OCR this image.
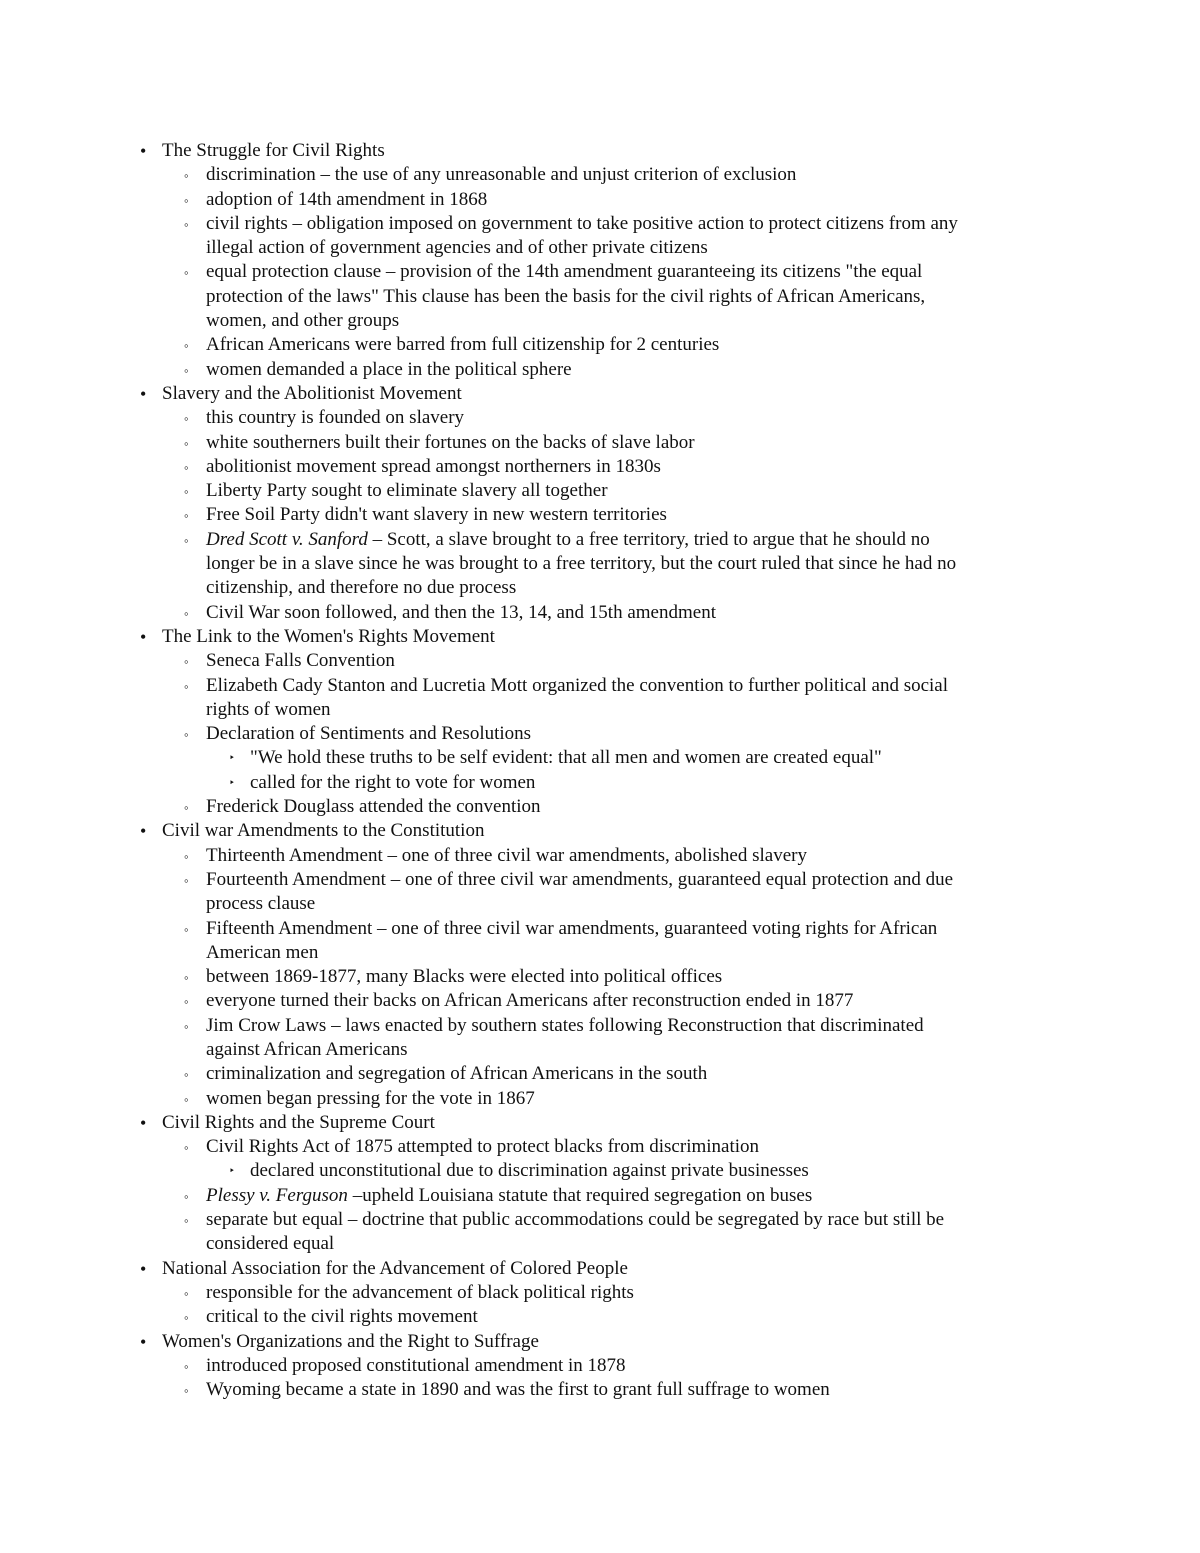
• The Struggle for Civil Rights
◦ discrimination – the use of any unreasonable and unjust criterion of exclusion
◦ adoption of 14th amendment in 1868
◦ civil rights – obligation imposed on government to take positive action to protect citizens from any
illegal action of government agencies and of other private citizens
◦ equal protection clause – provision of the 14th amendment guaranteeing its citizens "the equal
protection of the laws" This clause has been the basis for the civil rights of African Americans,
women, and other groups
◦ African Americans were barred from full citizenship for 2 centuries
◦ women demanded a place in the political sphere
• Slavery and the Abolitionist Movement
◦ this country is founded on slavery
◦ white southerners built their fortunes on the backs of slave labor
◦ abolitionist movement spread amongst northerners in 1830s
◦ Liberty Party sought to eliminate slavery all together
◦ Free Soil Party didn't want slavery in new western territories
◦ Dred Scott v. Sanford – Scott, a slave brought to a free territory, tried to argue that he should no
longer be in a slave since he was brought to a free territory, but the court ruled that since he had no
citizenship, and therefore no due process
◦ Civil War soon followed, and then the 13, 14, and 15th amendment
• The Link to the Women's Rights Movement
◦ Seneca Falls Convention
◦ Elizabeth Cady Stanton and Lucretia Mott organized the convention to further political and social
rights of women
◦ Declaration of Sentiments and Resolutions
‣ "We hold these truths to be self evident: that all men and women are created equal"
‣ called for the right to vote for women
◦ Frederick Douglass attended the convention
• Civil war Amendments to the Constitution
◦ Thirteenth Amendment – one of three civil war amendments, abolished slavery
◦ Fourteenth Amendment – one of three civil war amendments, guaranteed equal protection and due
process clause
◦ Fifteenth Amendment – one of three civil war amendments, guaranteed voting rights for African
American men
◦ between 1869-1877, many Blacks were elected into political offices
◦ everyone turned their backs on African Americans after reconstruction ended in 1877
◦ Jim Crow Laws – laws enacted by southern states following Reconstruction that discriminated
against African Americans
◦ criminalization and segregation of African Americans in the south
◦ women began pressing for the vote in 1867
• Civil Rights and the Supreme Court
◦ Civil Rights Act of 1875 attempted to protect blacks from discrimination
‣ declared unconstitutional due to discrimination against private businesses
◦ Plessy v. Ferguson –upheld Louisiana statute that required segregation on buses
◦ separate but equal – doctrine that public accommodations could be segregated by race but still be
considered equal
• National Association for the Advancement of Colored People
◦ responsible for the advancement of black political rights
◦ critical to the civil rights movement
• Women's Organizations and the Right to Suffrage
◦ introduced proposed constitutional amendment in 1878
◦ Wyoming became a state in 1890 and was the first to grant full suffrage to women
